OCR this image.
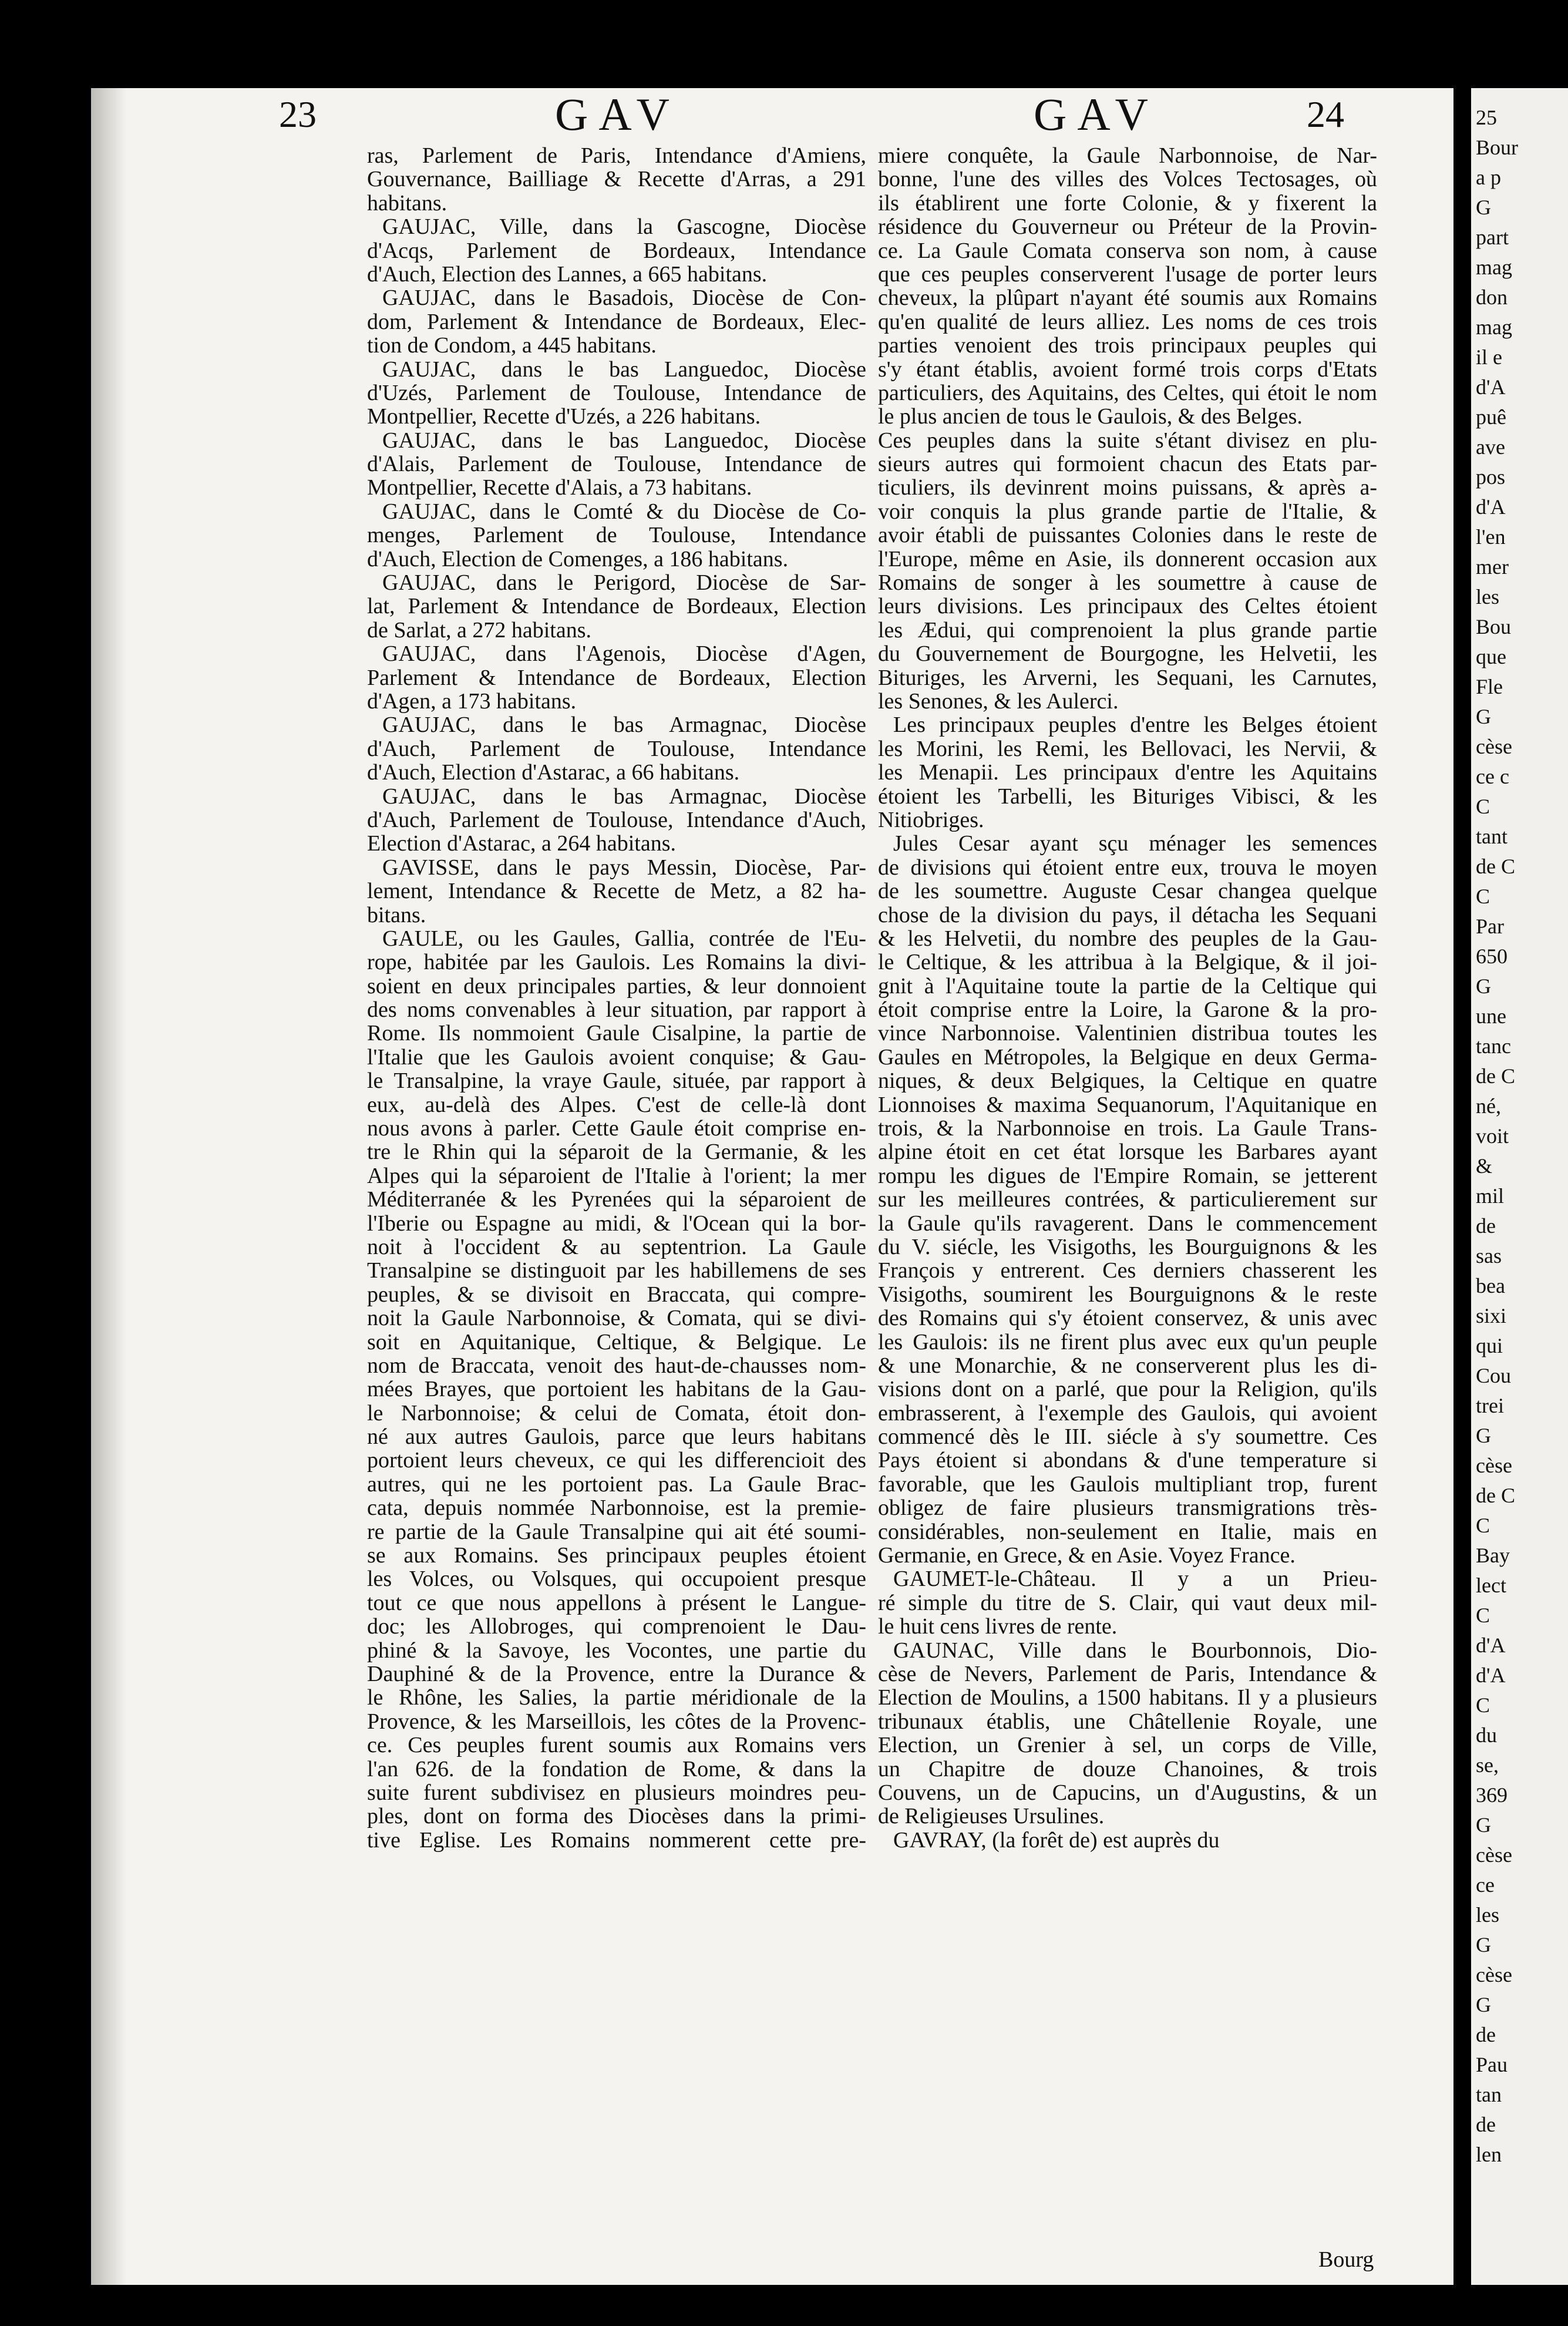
23	GAV	GAV	24
ras, Parlement de Paris, Intendance d'Amiens,
Gouvernance, Bailliage & Recette d'Arras, a 291
habitans.
GAUJAC, Ville, dans la Gascogne, Diocèse
d'Acqs, Parlement de Bordeaux, Intendance
d'Auch, Election des Lannes, a 665 habitans.
GAUJAC, dans le Basadois, Diocèse de Con-
dom, Parlement & Intendance de Bordeaux, Elec-
tion de Condom, a 445 habitans.
GAUJAC, dans le bas Languedoc, Diocèse
d'Uzés, Parlement de Toulouse, Intendance de
Montpellier, Recette d'Uzés, a 226 habitans.
GAUJAC, dans le bas Languedoc, Diocèse
d'Alais, Parlement de Toulouse, Intendance de
Montpellier, Recette d'Alais, a 73 habitans.
GAUJAC, dans le Comté & du Diocèse de Co-
menges, Parlement de Toulouse, Intendance
d'Auch, Election de Comenges, a 186 habitans.
GAUJAC, dans le Perigord, Diocèse de Sar-
lat, Parlement & Intendance de Bordeaux, Election
de Sarlat, a 272 habitans.
GAUJAC, dans l'Agenois, Diocèse d'Agen,
Parlement & Intendance de Bordeaux, Election
d'Agen, a 173 habitans.
GAUJAC, dans le bas Armagnac, Diocèse
d'Auch, Parlement de Toulouse, Intendance
d'Auch, Election d'Astarac, a 66 habitans.
GAUJAC, dans le bas Armagnac, Diocèse
d'Auch, Parlement de Toulouse, Intendance d'Auch,
Election d'Astarac, a 264 habitans.
GAVISSE, dans le pays Messin, Diocèse, Par-
lement, Intendance & Recette de Metz, a 82 ha-
bitans.
GAULE, ou les Gaules, Gallia, contrée de l'Eu-
rope, habitée par les Gaulois. Les Romains la divi-
soient en deux principales parties, & leur donnoient
des noms convenables à leur situation, par rapport à
Rome. Ils nommoient Gaule Cisalpine, la partie de
l'Italie que les Gaulois avoient conquise; & Gau-
le Transalpine, la vraye Gaule, située, par rapport à
eux, au-delà des Alpes. C'est de celle-là dont
nous avons à parler. Cette Gaule étoit comprise en-
tre le Rhin qui la séparoit de la Germanie, & les
Alpes qui la séparoient de l'Italie à l'orient; la mer
Méditerranée & les Pyrenées qui la séparoient de
l'Iberie ou Espagne au midi, & l'Ocean qui la bor-
noit à l'occident & au septentrion. La Gaule
Transalpine se distinguoit par les habillemens de ses
peuples, & se divisoit en Braccata, qui compre-
noit la Gaule Narbonnoise, & Comata, qui se divi-
soit en Aquitanique, Celtique, & Belgique. Le
nom de Braccata, venoit des haut-de-chausses nom-
mées Brayes, que portoient les habitans de la Gau-
le Narbonnoise; & celui de Comata, étoit don-
né aux autres Gaulois, parce que leurs habitans
portoient leurs cheveux, ce qui les differencioit des
autres, qui ne les portoient pas. La Gaule Brac-
cata, depuis nommée Narbonnoise, est la premie-
re partie de la Gaule Transalpine qui ait été soumi-
se aux Romains. Ses principaux peuples étoient
les Volces, ou Volsques, qui occupoient presque
tout ce que nous appellons à présent le Langue-
doc; les Allobroges, qui comprenoient le Dau-
phiné & la Savoye, les Vocontes, une partie du
Dauphiné & de la Provence, entre la Durance &
le Rhône, les Salies, la partie méridionale de la
Provence, & les Marseillois, les côtes de la Provenc-
ce. Ces peuples furent soumis aux Romains vers
l'an 626. de la fondation de Rome, & dans la
suite furent subdivisez en plusieurs moindres peu-
ples, dont on forma des Diocèses dans la primi-
tive Eglise. Les Romains nommerent cette pre-
miere conquête, la Gaule Narbonnoise, de Nar-
bonne, l'une des villes des Volces Tectosages, où
ils établirent une forte Colonie, & y fixerent la
résidence du Gouverneur ou Préteur de la Provin-
ce. La Gaule Comata conserva son nom, à cause
que ces peuples conserverent l'usage de porter leurs
cheveux, la plûpart n'ayant été soumis aux Romains
qu'en qualité de leurs alliez. Les noms de ces trois
parties venoient des trois principaux peuples qui
s'y étant établis, avoient formé trois corps d'Etats
particuliers, des Aquitains, des Celtes, qui étoit le nom
le plus ancien de tous le Gaulois, & des Belges.
Ces peuples dans la suite s'étant divisez en plu-
sieurs autres qui formoient chacun des Etats par-
ticuliers, ils devinrent moins puissans, & après a-
voir conquis la plus grande partie de l'Italie, &
avoir établi de puissantes Colonies dans le reste de
l'Europe, même en Asie, ils donnerent occasion aux
Romains de songer à les soumettre à cause de
leurs divisions. Les principaux des Celtes étoient
les Ædui, qui comprenoient la plus grande partie
du Gouvernement de Bourgogne, les Helvetii, les
Bituriges, les Arverni, les Sequani, les Carnutes,
les Senones, & les Aulerci.
Les principaux peuples d'entre les Belges étoient
les Morini, les Remi, les Bellovaci, les Nervii, &
les Menapii. Les principaux d'entre les Aquitains
étoient les Tarbelli, les Bituriges Vibisci, & les
Nitiobriges.
Jules Cesar ayant sçu ménager les semences
de divisions qui étoient entre eux, trouva le moyen
de les soumettre. Auguste Cesar changea quelque
chose de la division du pays, il détacha les Sequani
& les Helvetii, du nombre des peuples de la Gau-
le Celtique, & les attribua à la Belgique, & il joi-
gnit à l'Aquitaine toute la partie de la Celtique qui
étoit comprise entre la Loire, la Garone & la pro-
vince Narbonnoise. Valentinien distribua toutes les
Gaules en Métropoles, la Belgique en deux Germa-
niques, & deux Belgiques, la Celtique en quatre
Lionnoises & maxima Sequanorum, l'Aquitanique en
trois, & la Narbonnoise en trois. La Gaule Trans-
alpine étoit en cet état lorsque les Barbares ayant
rompu les digues de l'Empire Romain, se jetterent
sur les meilleures contrées, & particulierement sur
la Gaule qu'ils ravagerent. Dans le commencement
du V. siécle, les Visigoths, les Bourguignons & les
François y entrerent. Ces derniers chasserent les
Visigoths, soumirent les Bourguignons & le reste
des Romains qui s'y étoient conservez, & unis avec
les Gaulois: ils ne firent plus avec eux qu'un peuple
& une Monarchie, & ne conserverent plus les di-
visions dont on a parlé, que pour la Religion, qu'ils
embrasserent, à l'exemple des Gaulois, qui avoient
commencé dès le III. siécle à s'y soumettre. Ces
Pays étoient si abondans & d'une temperature si
favorable, que les Gaulois multipliant trop, furent
obligez de faire plusieurs transmigrations très-
considérables, non-seulement en Italie, mais en
Germanie, en Grece, & en Asie. Voyez France.
GAUMET-le-Château. Il y a un Prieu-
ré simple du titre de S. Clair, qui vaut deux mil-
le huit cens livres de rente.
GAUNAC, Ville dans le Bourbonnois, Dio-
cèse de Nevers, Parlement de Paris, Intendance &
Election de Moulins, a 1500 habitans. Il y a plusieurs
tribunaux établis, une Châtellenie Royale, une
Election, un Grenier à sel, un corps de Ville,
un Chapitre de douze Chanoines, & trois
Couvens, un de Capucins, un d'Augustins, & un
de Religieuses Ursulines.
GAVRAY, (la forêt de) est auprès du
Bourg
25
Bour
a p
G
part
mag
don
mag
il e
d'A
puê
ave
pos
d'A
l'en
mer
les
Bou
que
Fle
G
cèse
ce c
C
tant
de C
C
Par
650
G
une
tanc
de C
né,
voit
&
mil
de
sas
bea
sixi
qui
Cou
trei
G
cèse
de C
C
Bay
lect
C
d'A
d'A
C
du
se,
369
G
cèse
ce
les
G
cèse
G
de
Pau
tan
de
len
